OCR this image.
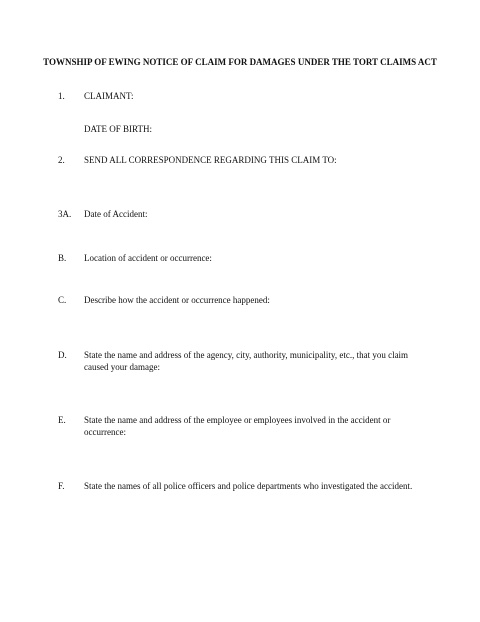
TOWNSHIP OF EWING NOTICE OF CLAIM FOR DAMAGES UNDER THE TORT CLAIMS ACT
1. CLAIMANT:
DATE OF BIRTH:
2. SEND ALL CORRESPONDENCE REGARDING THIS CLAIM TO:
3A. Date of Accident:
B. Location of accident or occurrence:
C. Describe how the accident or occurrence happened:
D. State the name and address of the agency, city, authority, municipality, etc., that you claim caused your damage:
E. State the name and address of the employee or employees involved in the accident or occurrence:
F. State the names of all police officers and police departments who investigated the accident.
